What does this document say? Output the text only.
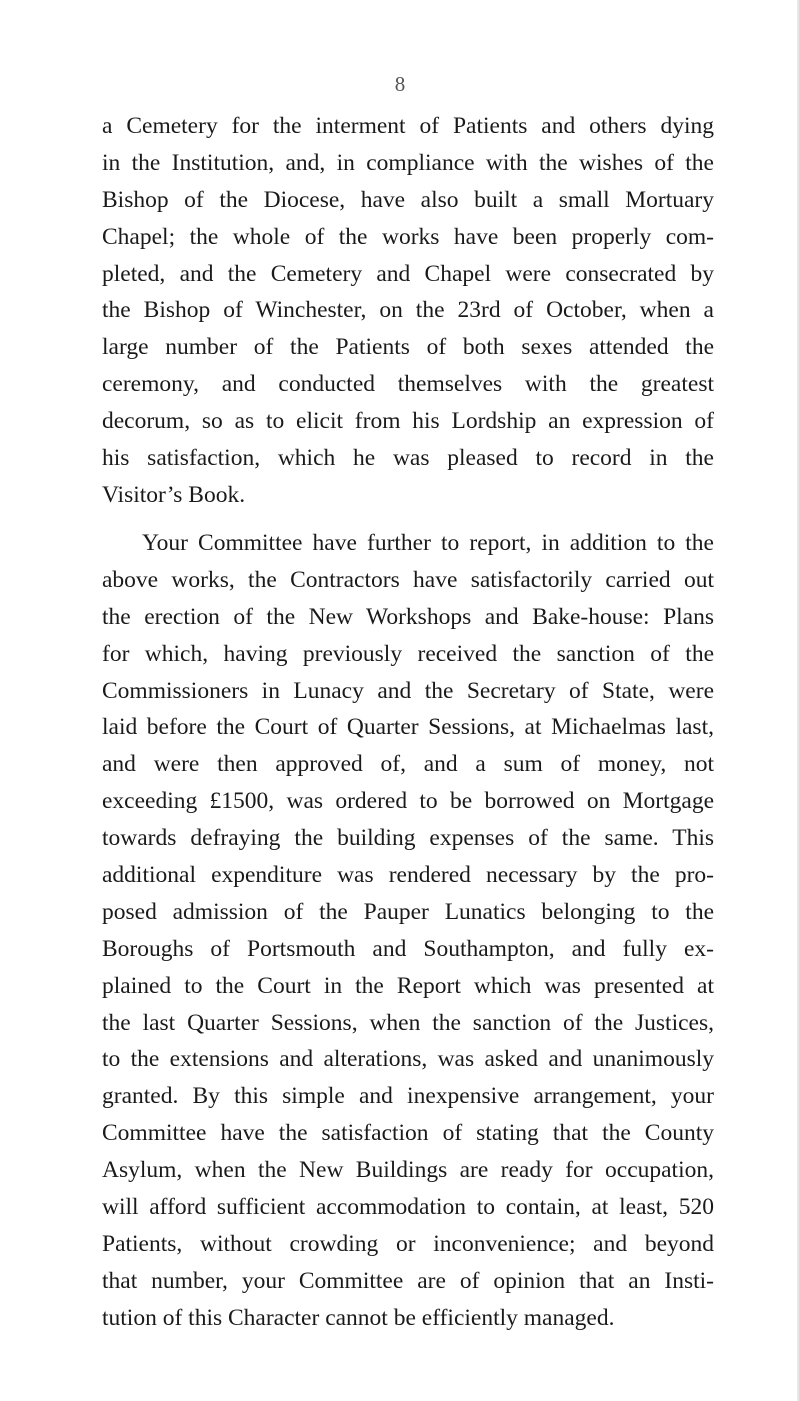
8
a Cemetery for the interment of Patients and others dying
in the Institution, and, in compliance with the wishes of the
Bishop of the Diocese, have also built a small Mortuary
Chapel; the whole of the works have been properly com-
pleted, and the Cemetery and Chapel were consecrated by
the Bishop of Winchester, on the 23rd of October, when a
large number of the Patients of both sexes attended the
ceremony, and conducted themselves with the greatest
decorum, so as to elicit from his Lordship an expression of
his satisfaction, which he was pleased to record in the
Visitor’s Book.
Your Committee have further to report, in addition to the
above works, the Contractors have satisfactorily carried out
the erection of the New Workshops and Bake-house: Plans
for which, having previously received the sanction of the
Commissioners in Lunacy and the Secretary of State, were
laid before the Court of Quarter Sessions, at Michaelmas last,
and were then approved of, and a sum of money, not
exceeding £1500, was ordered to be borrowed on Mortgage
towards defraying the building expenses of the same. This
additional expenditure was rendered necessary by the pro-
posed admission of the Pauper Lunatics belonging to the
Boroughs of Portsmouth and Southampton, and fully ex-
plained to the Court in the Report which was presented at
the last Quarter Sessions, when the sanction of the Justices,
to the extensions and alterations, was asked and unanimously
granted. By this simple and inexpensive arrangement, your
Committee have the satisfaction of stating that the County
Asylum, when the New Buildings are ready for occupation,
will afford sufficient accommodation to contain, at least, 520
Patients, without crowding or inconvenience; and beyond
that number, your Committee are of opinion that an Insti-
tution of this Character cannot be efficiently managed.
